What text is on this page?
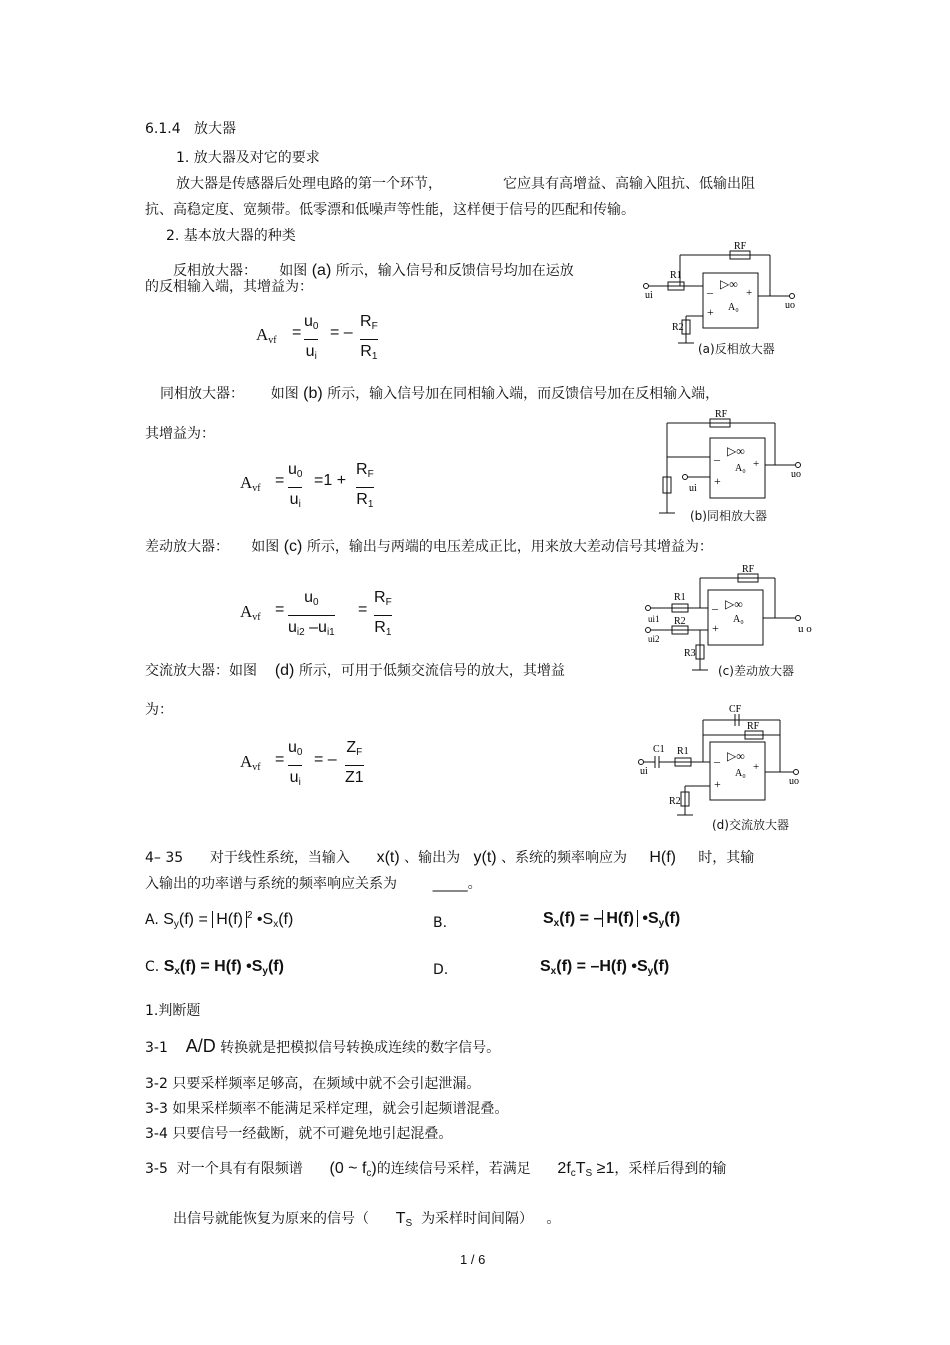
6.1.4 放大器
1. 放大器及对它的要求
放大器是传感器后处理电路的第一个环节，	它应具有高增益、高输入阻抗、低输出阻
抗、高稳定度、宽频带。低零漂和低噪声等性能，这样便于信号的匹配和传输。
2. 基本放大器的种类
反相放大器： 如图 (a) 所示，输入信号和反馈信号均加在运放
的反相输入端，其增益为：
$A_{vf}$ =
$u_0$
$u_i$
= –
$R_F$
$R_1$
▷∞
–
+ A₀
+
RF
uo
R1
ui
R2
(a)反相放大器
同相放大器： 如图 (b) 所示，输入信号加在同相输入端，而反馈信号加在反相输入端，
其增益为：
$A_{vf}$ =
$u_0$
$u_i$
=1 +
$R_F$
$R_1$
▷∞
–
+
A₀ +
RF
uo
ui
(b)同相放大器
差动放大器： 如图 (c) 所示，输出与两端的电压差成正比，用来放大差动信号其增益为：
$A_{vf}$ =
$u_0$
$u_{i2}$ $-u_{i1}$
=
$R_F$
$R_1$
▷∞
–
+
A₀
RF
u o
R1
ui1 R2
ui2
R3
(c)差动放大器
交流放大器：如图 (d) 所示，可用于低频交流信号的放大，其增益
为：
$A_{vf}$ =
$u_0$
$u_i$
= –
$Z_F$
Z1
▷∞
–
+
A₀
+
CF
RF
uo
C1 R1
ui
R2
(d)交流放大器
4– 35 对于线性系统，当输入 x(t) 、输出为 y(t) 、系统的频率响应为 H(f) 时，其输
入输出的功率谱与系统的频率响应关系为	_____。
A. $S_y(f) = H(f)$ $^2$ $•S_x(f)$	B.	$S_x(f)$ = – H(f) $•S_y(f)$
C. $S_x(f) = H(f)$ $•S_y(f)$	D.	$S_x(f) = -H(f)$ $•S_y(f)$
1.判断题
3-1 A/D 转换就是把模拟信号转换成连续的数字信号。
3-2 只要采样频率足够高，在频域中就不会引起泄漏。
3-3 如果采样频率不能满足采样定理，就会引起频谱混叠。
3-4 只要信号一经截断，就不可避免地引起混叠。
3-5 对一个具有有限频谱 (0 ~ $f_c$)的连续信号采样，若满足 $2f_cT_S \ge 1$，采样后得到的输
出信号就能恢复为原来的信号（ $T_S$ 为采样时间间隔） 。
1 / 6
